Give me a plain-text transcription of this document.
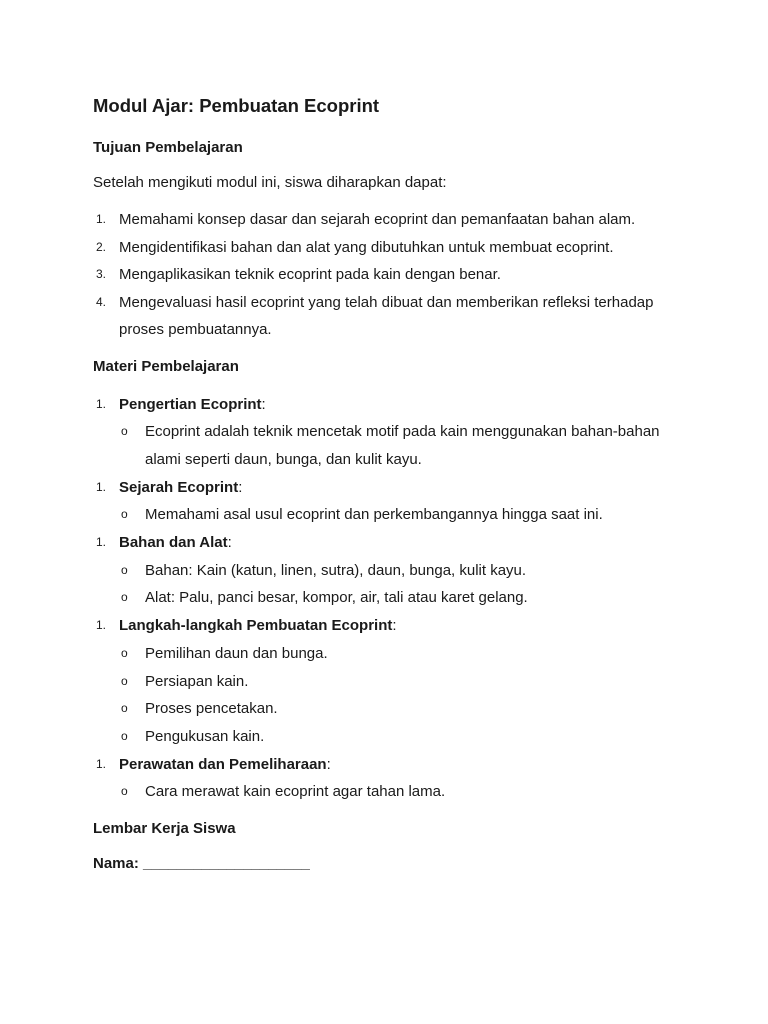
Modul Ajar: Pembuatan Ecoprint
Tujuan Pembelajaran

Setelah mengikuti modul ini, siswa diharapkan dapat:

1. Memahami konsep dasar dan sejarah ecoprint dan pemanfaatan bahan alam.
2. Mengidentifikasi bahan dan alat yang dibutuhkan untuk membuat ecoprint.
3. Mengaplikasikan teknik ecoprint pada kain dengan benar.
4. Mengevaluasi hasil ecoprint yang telah dibuat dan memberikan refleksi terhadap proses pembuatannya.
Materi Pembelajaran
1. Pengertian Ecoprint:
o Ecoprint adalah teknik mencetak motif pada kain menggunakan bahan-bahan alami seperti daun, bunga, dan kulit kayu.
1. Sejarah Ecoprint:
o Memahami asal usul ecoprint dan perkembangannya hingga saat ini.
1. Bahan dan Alat:
o Bahan: Kain (katun, linen, sutra), daun, bunga, kulit kayu.
o Alat: Palu, panci besar, kompor, air, tali atau karet gelang.
1. Langkah-langkah Pembuatan Ecoprint:
o Pemilihan daun dan bunga.
o Persiapan kain.
o Proses pencetakan.
o Pengukusan kain.
1. Perawatan dan Pemeliharaan:
o Cara merawat kain ecoprint agar tahan lama.
Lembar Kerja Siswa
Nama: ____________________
